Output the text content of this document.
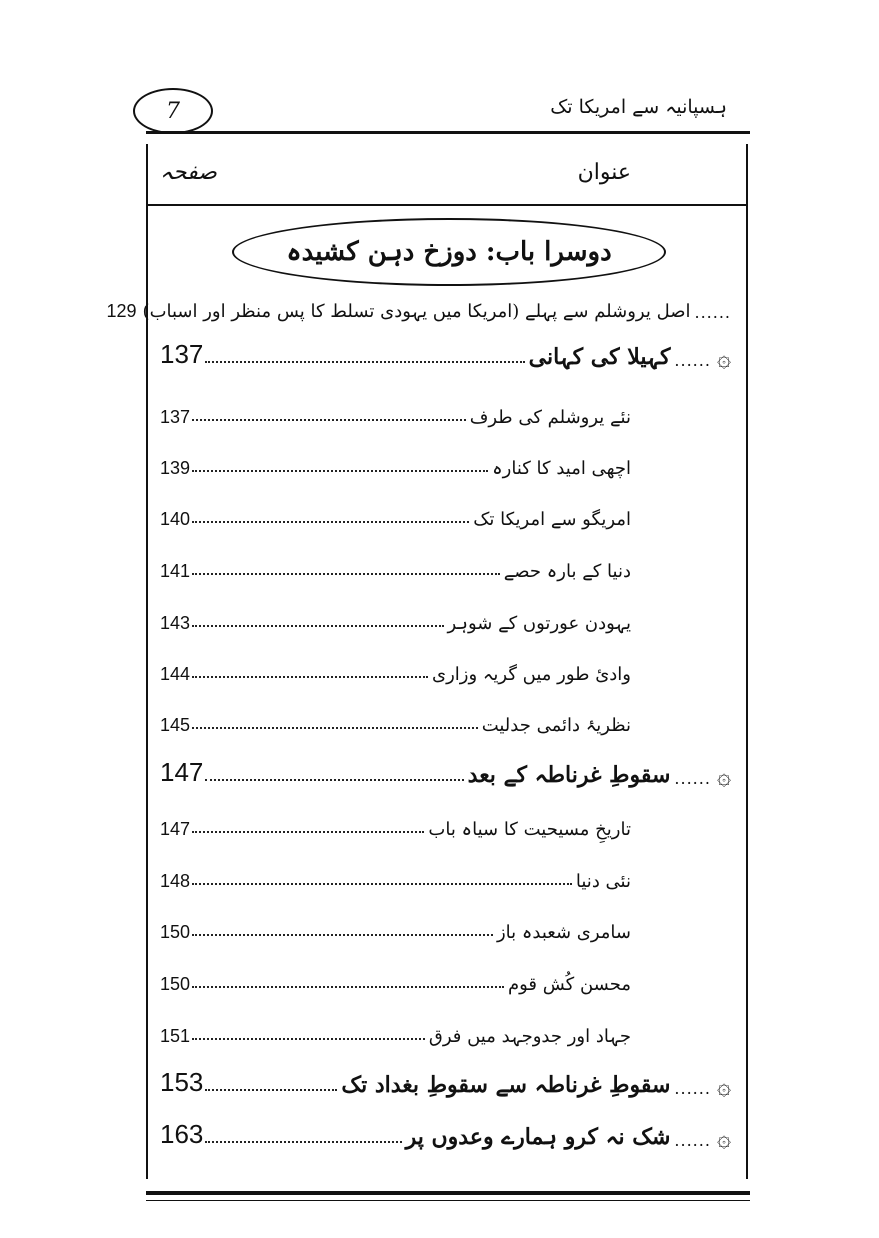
7	ہسپانیہ سے امریکا تک
عنوان
صفحہ
دوسرا باب: دوزخ دہن کشیدہ
......
اصل یروشلم سے پہلے (امریکا میں یہودی تسلط کا پس منظر اور اسباب)
129
۞
......
کہیلا کی کہانی
137
نئے یروشلم کی طرف
137
اچھی امید کا کنارہ
139
امریگو سے امریکا تک
140
دنیا کے بارہ حصے
141
یہودن عورتوں کے شوہر
143
وادیٔ طور میں گریہ وزاری
144
نظریۂ دائمی جدلیت
145
۞
......
سقوطِ غرناطہ کے بعد
147
تاریخِ مسیحیت کا سیاہ باب
147
نئی دنیا
148
سامری شعبدہ باز
150
محسن کُش قوم
150
جہاد اور جدوجہد میں فرق
151
۞
......
سقوطِ غرناطہ سے سقوطِ بغداد تک
153
۞
......
شک نہ کرو ہمارے وعدوں پر
163
